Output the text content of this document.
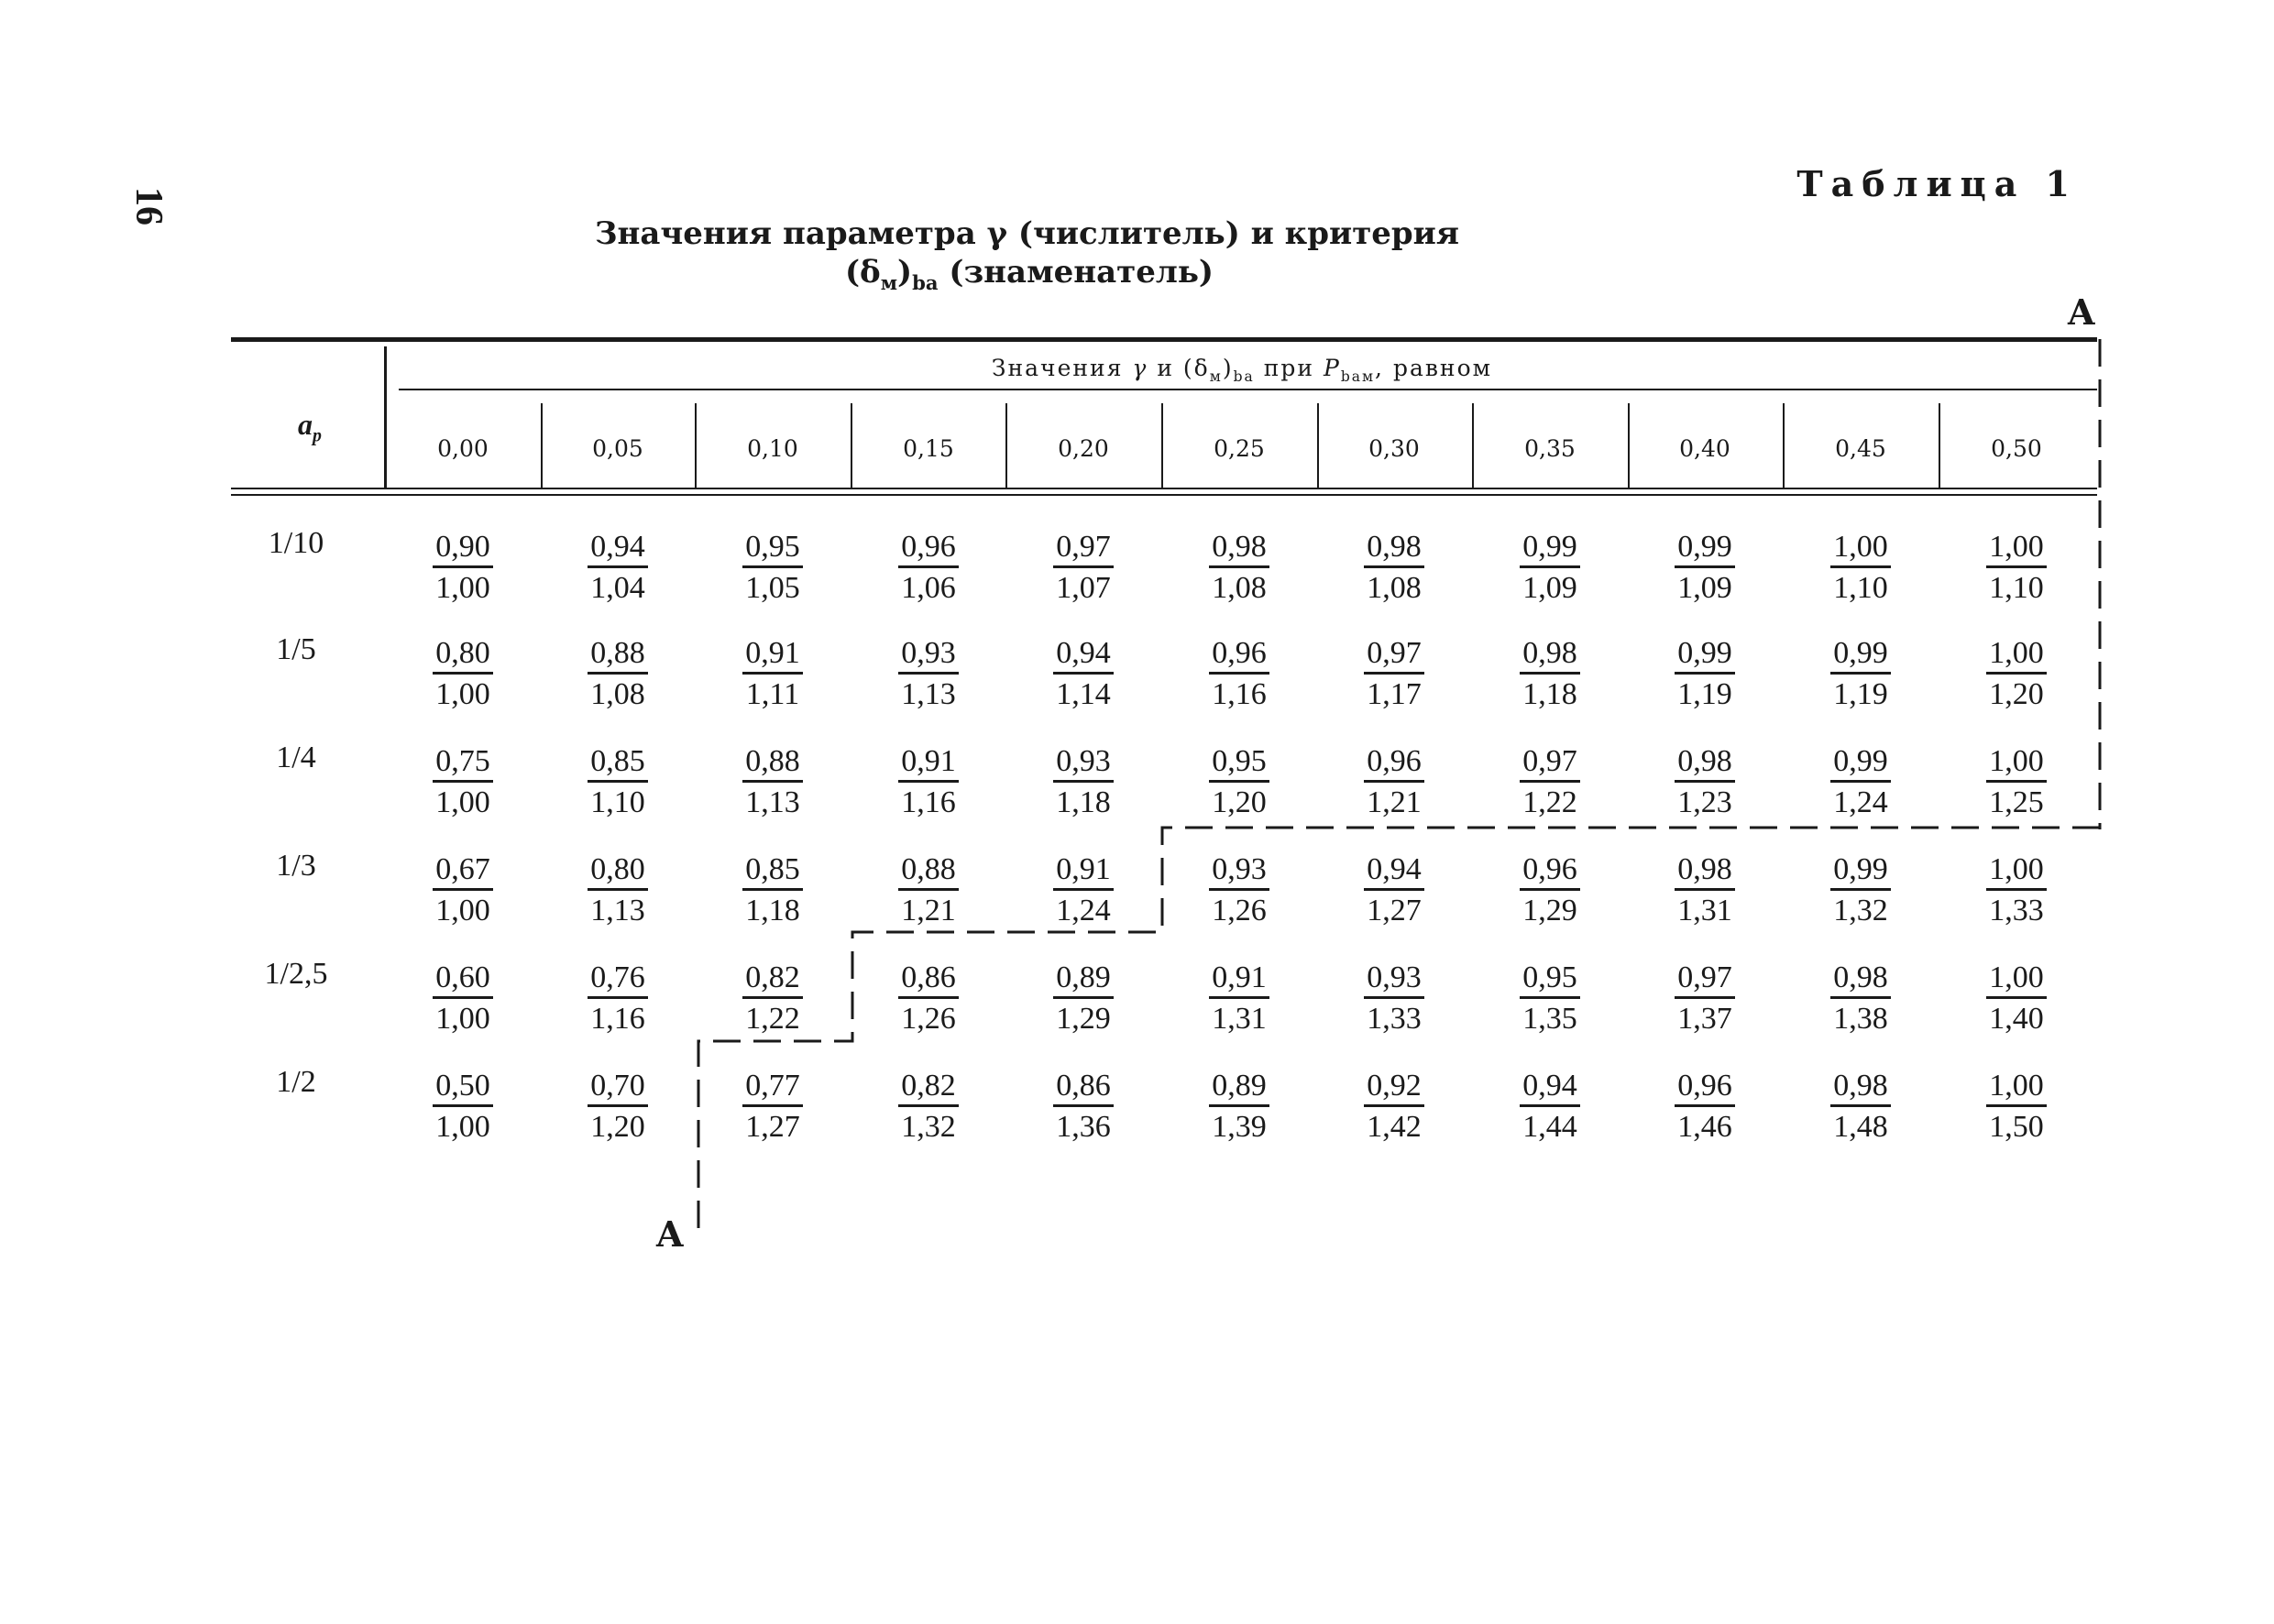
16
Таблица 1
Значения параметра γ (числитель) и критерия
$(\delta_м)_{ba}$ (знаменатель)
A
A
Значения γ и $(\delta_м)_{ba}$ при $P_{baм}$, равном
$a_р$	0,00	0,05	0,10	0,15	0,20	0,25	0,30	0,35	0,40	0,45	0,50
1/10	$\frac{0,90}{1,00} \frac{0,94}{1,04} \frac{0,95}{1,05} \frac{0,96}{1,06} \frac{0,97}{1,07} \frac{0,98}{1,08} \frac{0,98}{1,08} \frac{0,99}{1,09} \frac{0,99}{1,09} \frac{1,00}{1,10} \frac{1,00}{1,10}$
1/5	$\frac{0,80}{1,00} \frac{0,88}{1,08} \frac{0,91}{1,11} \frac{0,93}{1,13} \frac{0,94}{1,14} \frac{0,96}{1,16} \frac{0,97}{1,17} \frac{0,98}{1,18} \frac{0,99}{1,19} \frac{0,99}{1,19} \frac{1,00}{1,20}$
1/4	$\frac{0,75}{1,00} \frac{0,85}{1,10} \frac{0,88}{1,13} \frac{0,91}{1,16} \frac{0,93}{1,18} \frac{0,95}{1,20} \frac{0,96}{1,21} \frac{0,97}{1,22} \frac{0,98}{1,23} \frac{0,99}{1,24} \frac{1,00}{1,25}$
1/3	$\frac{0,67}{1,00} \frac{0,80}{1,13} \frac{0,85}{1,18} \frac{0,88}{1,21} \frac{0,91}{1,24} \frac{0,93}{1,26} \frac{0,94}{1,27} \frac{0,96}{1,29} \frac{0,98}{1,31} \frac{0,99}{1,32} \frac{1,00}{1,33}$
1/2,5	$\frac{0,60}{1,00} \frac{0,76}{1,16} \frac{0,82}{1,22} \frac{0,86}{1,26} \frac{0,89}{1,29} \frac{0,91}{1,31} \frac{0,93}{1,33} \frac{0,95}{1,35} \frac{0,97}{1,37} \frac{0,98}{1,38} \frac{1,00}{1,40}$
1/2	$\frac{0,50}{1,00} \frac{0,70}{1,20} \frac{0,77}{1,27} \frac{0,82}{1,32} \frac{0,86}{1,36} \frac{0,89}{1,39} \frac{0,92}{1,42} \frac{0,94}{1,44} \frac{0,96}{1,46} \frac{0,98}{1,48} \frac{1,00}{1,50}$
